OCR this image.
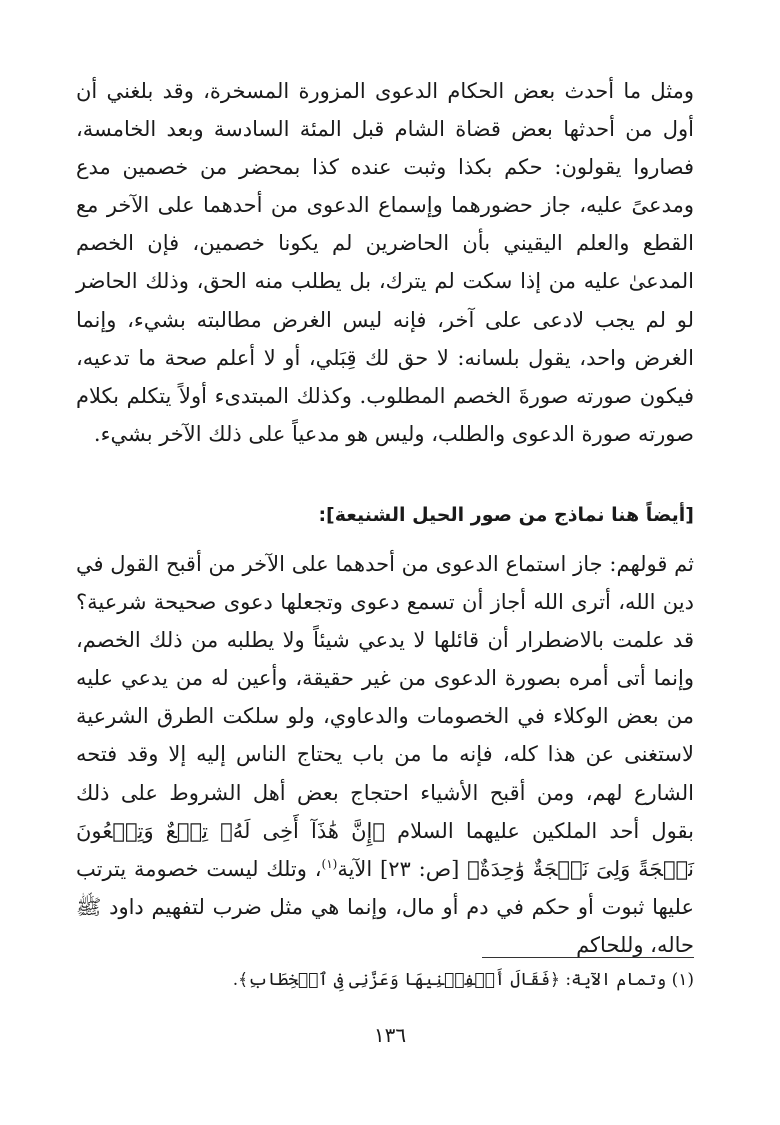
ومثل ما أحدث بعض الحكام الدعوى المزورة المسخرة، وقد بلغني أن أول من أحدثها بعض قضاة الشام قبل المئة السادسة وبعد الخامسة، فصاروا يقولون: حكم بكذا وثبت عنده كذا بمحضر من خصمين مدع ومدعىً عليه، جاز حضورهما وإسماع الدعوى من أحدهما على الآخر مع القطع والعلم اليقيني بأن الحاضرين لم يكونا خصمين، فإن الخصم المدعىٰ عليه من إذا سكت لم يترك، بل يطلب منه الحق، وذلك الحاضر لو لم يجب لادعى على آخر، فإنه ليس الغرض مطالبته بشيء، وإنما الغرض واحد، يقول بلسانه: لا حق لك قِبَلي، أو لا أعلم صحة ما تدعيه، فيكون صورته صورةَ الخصم المطلوب. وكذلك المبتدىء أولاً يتكلم بكلام صورته صورة الدعوى والطلب، وليس هو مدعياً على ذلك الآخر بشيء.

[أيضاً هنا نماذج من صور الحيل الشنيعة]:

ثم قولهم: جاز استماع الدعوى من أحدهما على الآخر من أقبح القول في دين الله، أترى الله أجاز أن تسمع دعوى وتجعلها دعوى صحيحة شرعية؟ قد علمت بالاضطرار أن قائلها لا يدعي شيئاً ولا يطلبه من ذلك الخصم، وإنما أتى أمره بصورة الدعوى من غير حقيقة، وأعين له من يدعي عليه من بعض الوكلاء في الخصومات والدعاوي، ولو سلكت الطرق الشرعية لاستغنى عن هذا كله، فإنه ما من باب يحتاج الناس إليه إلا وقد فتحه الشارع لهم، ومن أقبح الأشياء احتجاج بعض أهل الشروط على ذلك بقول أحد الملكين عليهما السلام ﴿إِنَّ هَٰذَآ أَخِى لَهُۥ تِسۡعٌ وَتِسۡعُونَ نَعۡجَةً وَلِىَ نَعۡجَةٌ وَٰحِدَةٌ﴾ [ص: ٢٣] الآية$^{(١)}$، وتلك ليست خصومة يترتب عليها ثبوت أو حكم في دم أو مال، وإنما هي مثل ضرب لتفهيم داود ﷺ حاله، وللحاكم

(١) وتمام الآية: ﴿فَقَالَ أَكۡفِلۡنِيهَا وَعَزَّنِى فِى ٱلۡخِطَابِ﴾.
١٣٦
